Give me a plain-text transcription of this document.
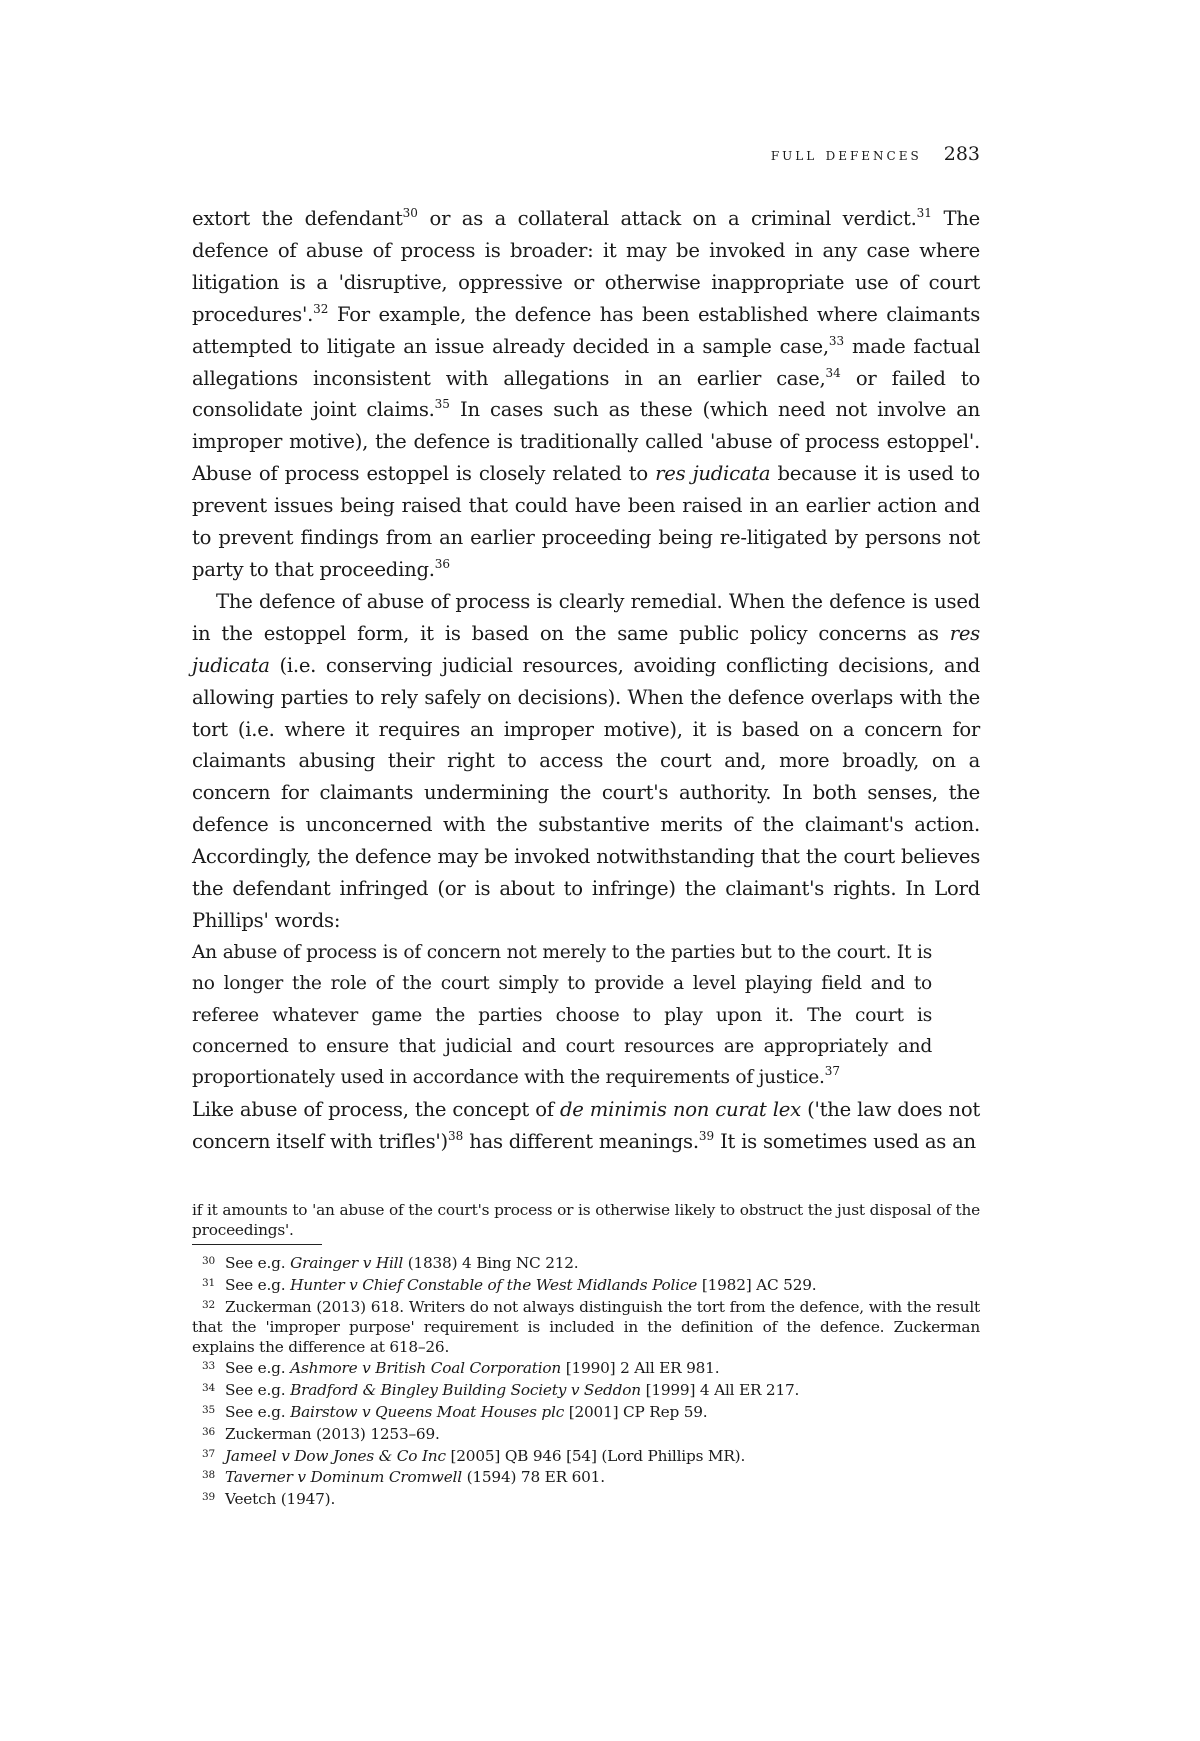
full defences 283

extort the defendant$^{30}$ or as a collateral attack on a criminal verdict.$^{31}$ The defence of abuse of process is broader: it may be invoked in any case where litigation is a 'disruptive, oppressive or otherwise inappropriate use of court procedures'.$^{32}$ For example, the defence has been established where claimants attempted to litigate an issue already decided in a sample case,$^{33}$ made factual allegations inconsistent with allegations in an earlier case,$^{34}$ or failed to consolidate joint claims.$^{35}$ In cases such as these (which need not involve an improper motive), the defence is traditionally called 'abuse of process estoppel'. Abuse of process estoppel is closely related to res judicata because it is used to prevent issues being raised that could have been raised in an earlier action and to prevent findings from an earlier proceeding being re-litigated by persons not party to that proceeding.$^{36}$

The defence of abuse of process is clearly remedial. When the defence is used in the estoppel form, it is based on the same public policy concerns as res judicata (i.e. conserving judicial resources, avoiding conflicting decisions, and allowing parties to rely safely on decisions). When the defence overlaps with the tort (i.e. where it requires an improper motive), it is based on a concern for claimants abusing their right to access the court and, more broadly, on a concern for claimants undermining the court's authority. In both senses, the defence is unconcerned with the substantive merits of the claimant's action. Accordingly, the defence may be invoked notwithstanding that the court believes the defendant infringed (or is about to infringe) the claimant's rights. In Lord Phillips' words:

An abuse of process is of concern not merely to the parties but to the court. It is no longer the role of the court simply to provide a level playing field and to referee whatever game the parties choose to play upon it. The court is concerned to ensure that judicial and court resources are appropriately and proportionately used in accordance with the requirements of justice.$^{37}$

Like abuse of process, the concept of de minimis non curat lex ('the law does not concern itself with trifles')$^{38}$ has different meanings.$^{39}$ It is sometimes used as an

if it amounts to 'an abuse of the court's process or is otherwise likely to obstruct the just disposal of the proceedings'.

30 See e.g. Grainger v Hill (1838) 4 Bing NC 212.

31 See e.g. Hunter v Chief Constable of the West Midlands Police [1982] AC 529.

32 Zuckerman (2013) 618. Writers do not always distinguish the tort from the defence, with the result that the 'improper purpose' requirement is included in the definition of the defence. Zuckerman explains the difference at 618–26.

33 See e.g. Ashmore v British Coal Corporation [1990] 2 All ER 981.

34 See e.g. Bradford & Bingley Building Society v Seddon [1999] 4 All ER 217.

35 See e.g. Bairstow v Queens Moat Houses plc [2001] CP Rep 59.

36 Zuckerman (2013) 1253–69.

37 Jameel v Dow Jones & Co Inc [2005] QB 946 [54] (Lord Phillips MR).

38 Taverner v Dominum Cromwell (1594) 78 ER 601.

39 Veetch (1947).
